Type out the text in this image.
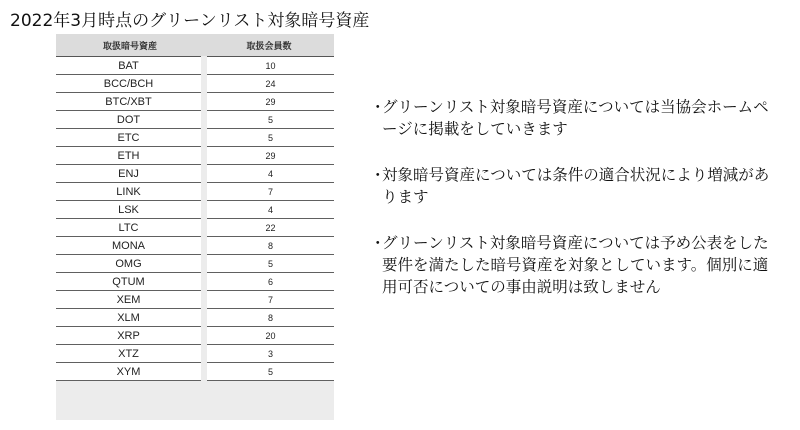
2022年3月時点のグリーンリスト対象暗号資産
取扱暗号資産	取扱会員数
BAT	10
BCC/BCH	24
BTC/XBT	29
DOT	5
ETC	5
ETH	29
ENJ	4
LINK	7
LSK	4
LTC	22
MONA	8
OMG	5
QTUM	6
XEM	7
XLM	8
XRP	20
XTZ	3
XYM	5
・
グリーンリスト対象暗号資産については当協会ホームページに掲載をしていきます
・
対象暗号資産については条件の適合状況により増減があります
・
グリーンリスト対象暗号資産については予め公表をした要件を満たした暗号資産を対象としています。個別に適用可否についての事由説明は致しません
